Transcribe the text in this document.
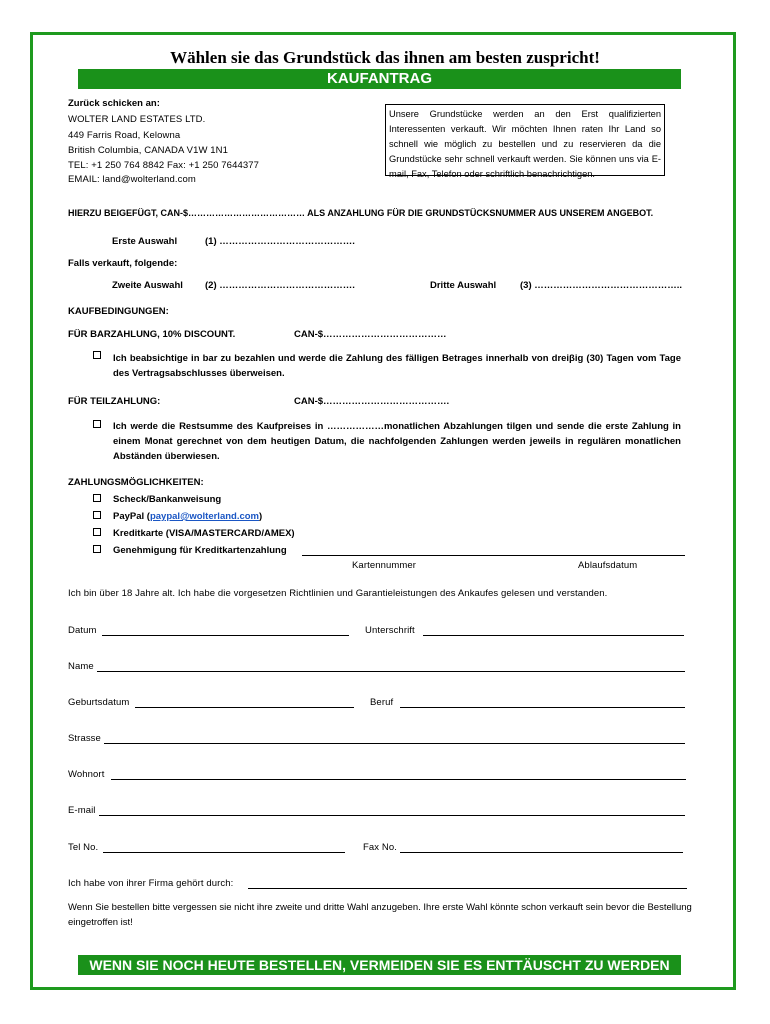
Wählen sie das Grundstück das ihnen am besten zuspricht!
KAUFANTRAG
Zurück schicken an:
WOLTER LAND ESTATES LTD.
449 Farris Road, Kelowna
British Columbia, CANADA V1W 1N1
TEL: +1 250 764 8842 Fax: +1 250 7644377
EMAIL: land@wolterland.com
Unsere Grundstücke werden an den Erst qualifizierten Interessenten verkauft. Wir möchten Ihnen raten Ihr Land so schnell wie möglich zu bestellen und zu reservieren da die Grundstücke sehr schnell verkauft werden. Sie können uns via E-mail, Fax, Telefon oder schriftlich benachrichtigen.
HIERZU BEIGEFÜGT, CAN-$………………………………… ALS ANZAHLUNG FÜR DIE GRUNDSTÜCKSNUMMER AUS UNSEREM ANGEBOT.
Erste Auswahl	(1) …………………………………….
Falls verkauft, folgende:
Zweite Auswahl (2) …………………………………….	Dritte Auswahl	(3) ………………………………………..
KAUFBEDINGUNGEN:
FÜR BARZAHLUNG, 10% DISCOUNT.	CAN-$…………………………………
Ich beabsichtige in bar zu bezahlen und werde die Zahlung des fälligen Betrages innerhalb von dreiβig (30) Tagen vom Tage des Vertragsabschlusses überweisen.
FÜR TEILZAHLUNG:	CAN-$………………………………….
Ich werde die Restsumme des Kaufpreises in ………………monatlichen Abzahlungen tilgen und sende die erste Zahlung in einem Monat gerechnet von dem heutigen Datum, die nachfolgenden Zahlungen werden jeweils in regulären monatlichen Abständen überwiesen.
ZAHLUNGSMÖGLICHKEITEN:
Scheck/Bankanweisung
PayPal (paypal@wolterland.com)
Kreditkarte (VISA/MASTERCARD/AMEX)
Genehmigung für Kreditkartenzahlung
Kartennummer	Ablaufsdatum
Ich bin über 18 Jahre alt. Ich habe die vorgesetzen Richtlinien und Garantieleistungen des Ankaufes gelesen und verstanden.
Datum	Unterschrift
Name
Geburtsdatum	Beruf
Strasse
Wohnort
E-mail
Tel No.	Fax No.
Ich habe von ihrer Firma gehört durch:
Wenn Sie bestellen bitte vergessen sie nicht ihre zweite und dritte Wahl anzugeben. Ihre erste Wahl könnte schon verkauft sein bevor die Bestellung eingetroffen ist!
WENN SIE NOCH HEUTE BESTELLEN, VERMEIDEN SIE ES ENTTÄUSCHT ZU WERDEN
